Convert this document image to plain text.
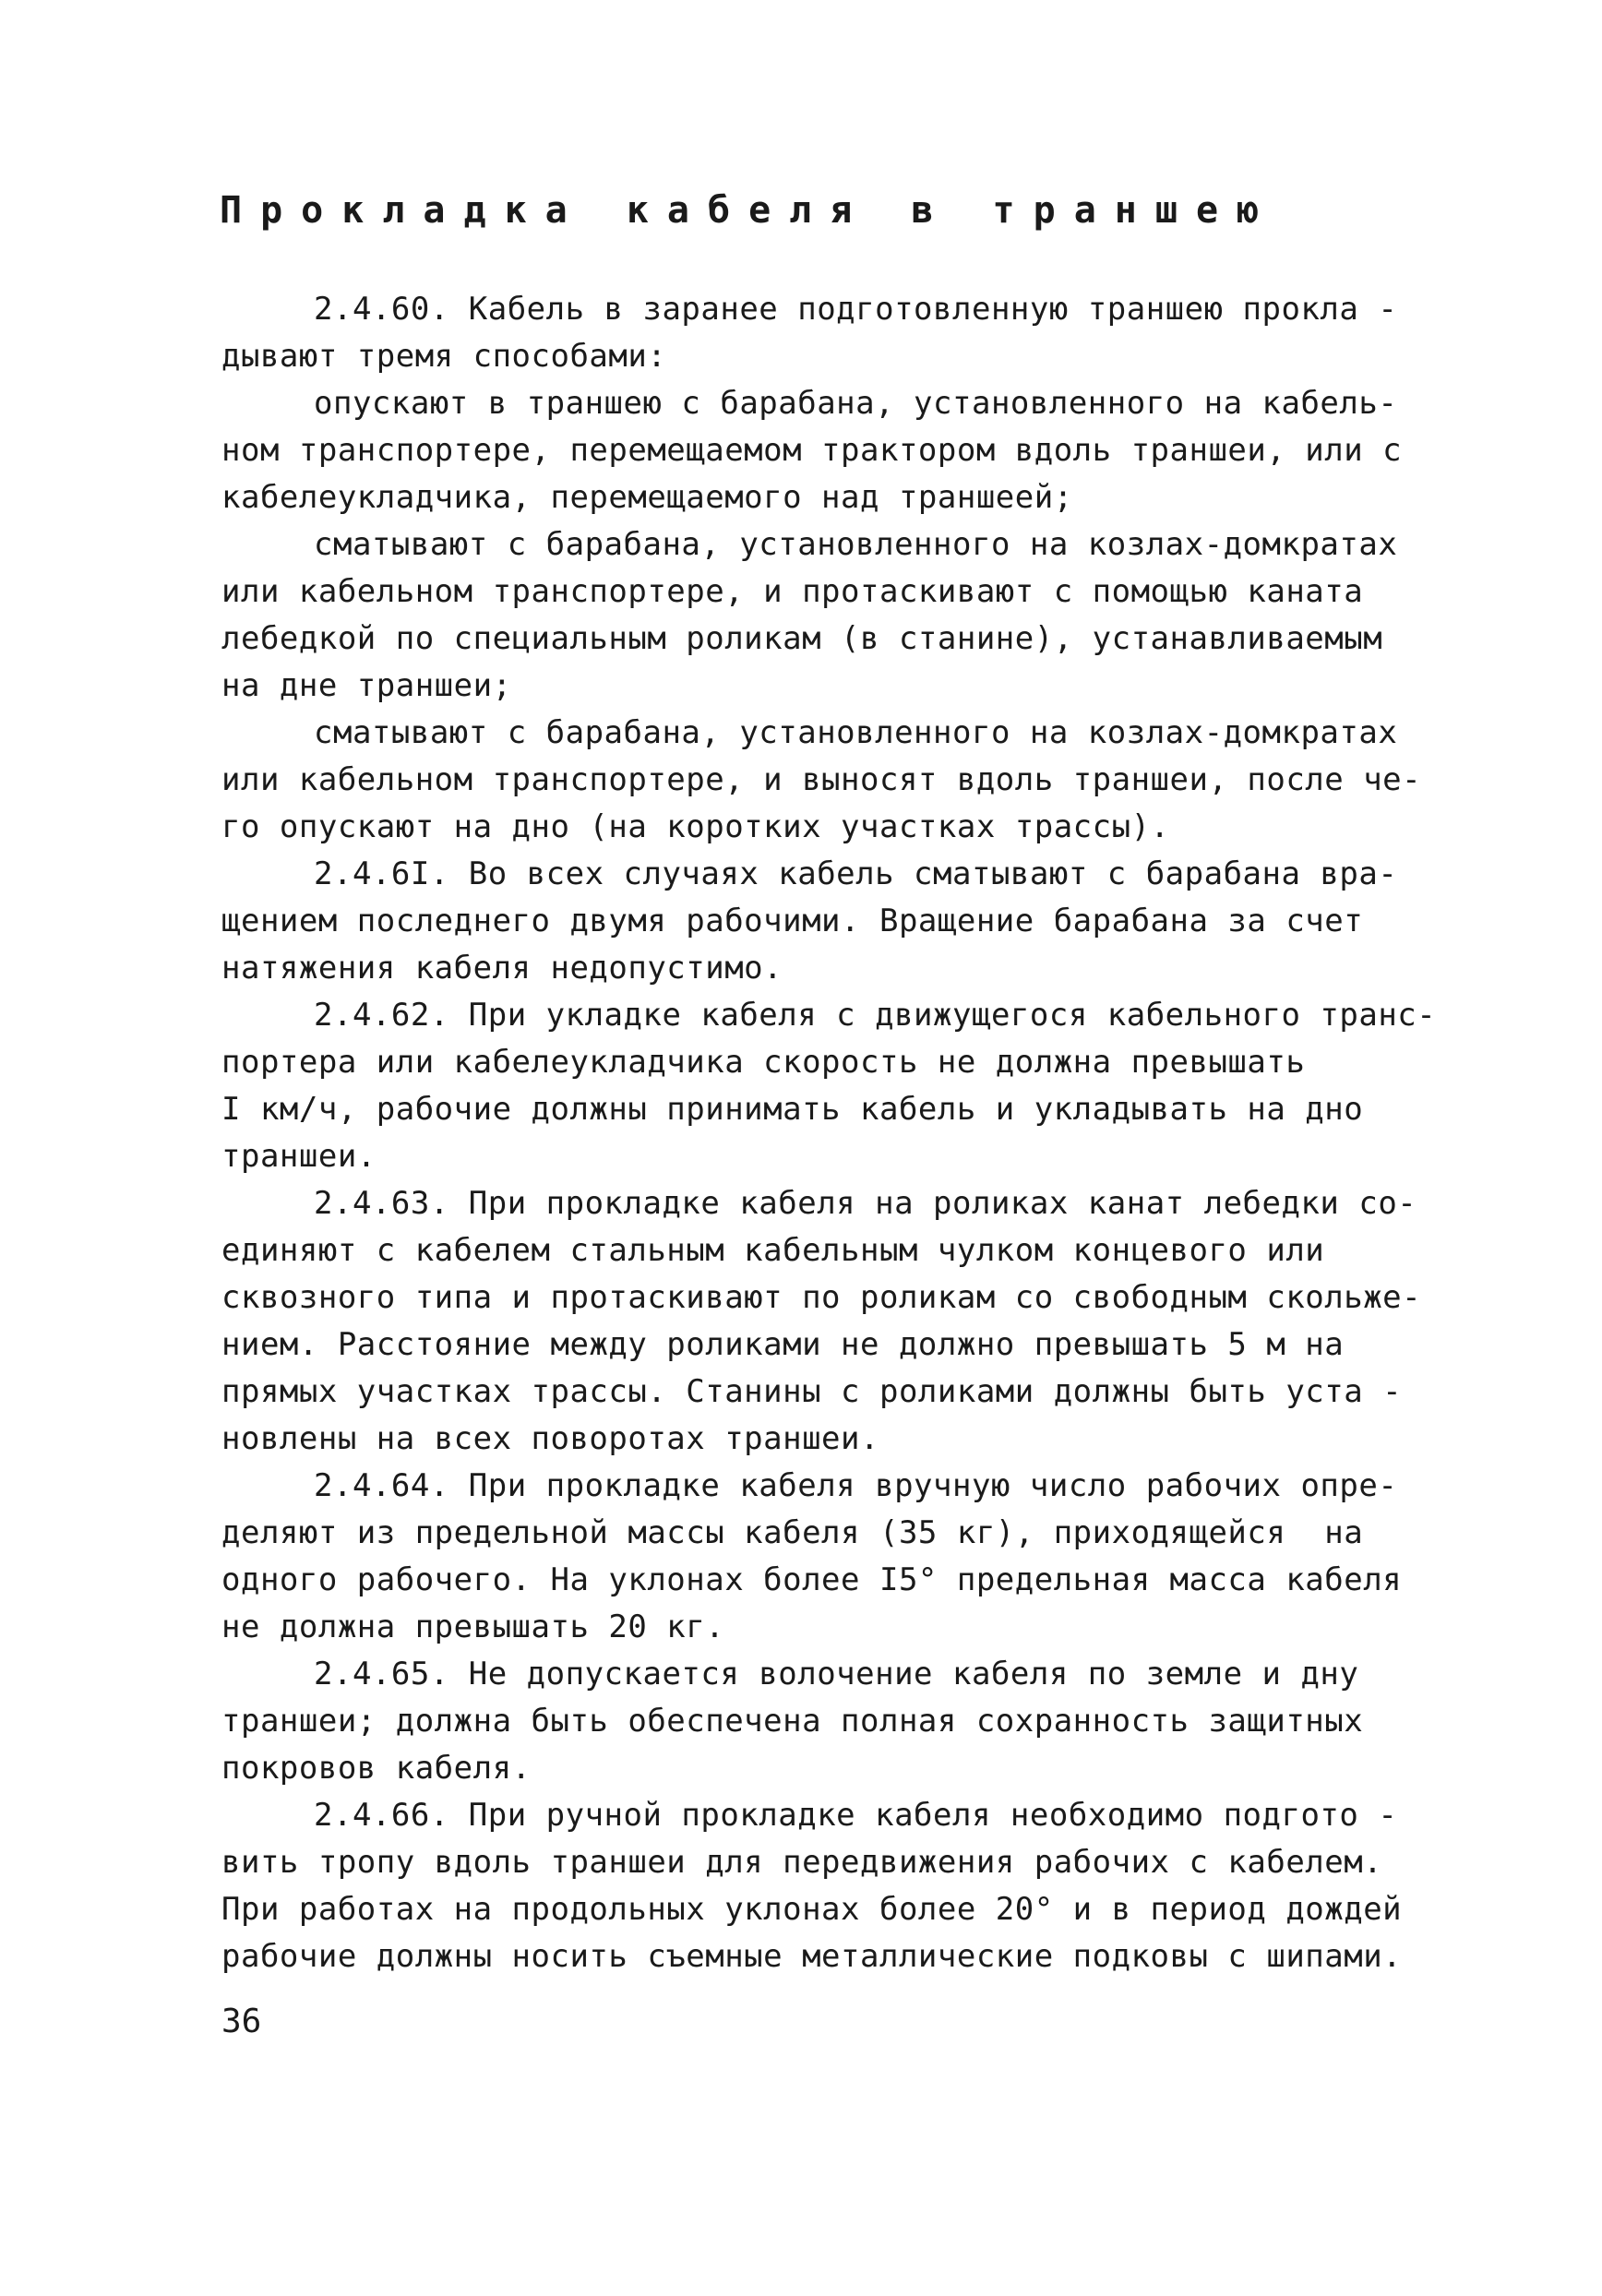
Прокладка кабеля в траншею
2.4.60. Кабель в заранее подготовленную траншею прокла -
дывают тремя способами:
опускают в траншею с барабана, установленного на кабель-
ном транспортере, перемещаемом трактором вдоль траншеи, или с
кабелеукладчика, перемещаемого над траншеей;
сматывают с барабана, установленного на козлах-домкратах
или кабельном транспортере, и протаскивают с помощью каната
лебедкой по специальным роликам (в станине), устанавливаемым
на дне траншеи;
сматывают с барабана, установленного на козлах-домкратах
или кабельном транспортере, и выносят вдоль траншеи, после че-
го опускают на дно (на коротких участках трассы).
2.4.6I. Во всех случаях кабель сматывают с барабана вра-
щением последнего двумя рабочими. Вращение барабана за счет
натяжения кабеля недопустимо.
2.4.62. При укладке кабеля с движущегося кабельного транс-
портера или кабелеукладчика скорость не должна превышать
I км/ч, рабочие должны принимать кабель и укладывать на дно
траншеи.
2.4.63. При прокладке кабеля на роликах канат лебедки со-
единяют с кабелем стальным кабельным чулком концевого или
сквозного типа и протаскивают по роликам со свободным скольже-
нием. Расстояние между роликами не должно превышать 5 м на
прямых участках трассы. Станины с роликами должны быть уста -
новлены на всех поворотах траншеи.
2.4.64. При прокладке кабеля вручную число рабочих опре-
деляют из предельной массы кабеля (35 кг), приходящейся  на
одного рабочего. На уклонах более I5° предельная масса кабеля
не должна превышать 20 кг.
2.4.65. Не допускается волочение кабеля по земле и дну
траншеи; должна быть обеспечена полная сохранность защитных
покровов кабеля.
2.4.66. При ручной прокладке кабеля необходимо подгото -
вить тропу вдоль траншеи для передвижения рабочих с кабелем.
При работах на продольных уклонах более 20° и в период дождей
рабочие должны носить съемные металлические подковы с шипами.
36
